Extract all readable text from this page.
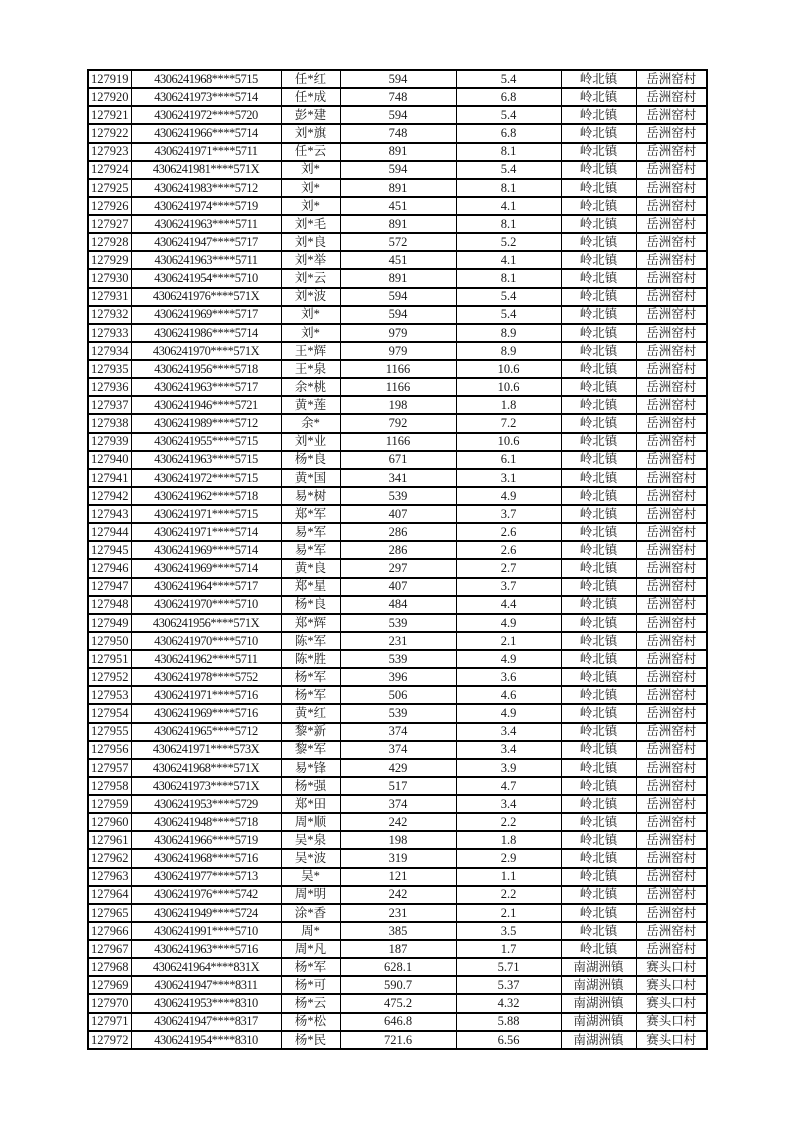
127919	4306241968****5715	任*红	594	5.4	岭北镇	岳洲窑村
127920	4306241973****5714	任*成	748	6.8	岭北镇	岳洲窑村
127921	4306241972****5720	彭*建	594	5.4	岭北镇	岳洲窑村
127922	4306241966****5714	刘*旗	748	6.8	岭北镇	岳洲窑村
127923	4306241971****5711	任*云	891	8.1	岭北镇	岳洲窑村
127924	4306241981****571X	刘*	594	5.4	岭北镇	岳洲窑村
127925	4306241983****5712	刘*	891	8.1	岭北镇	岳洲窑村
127926	4306241974****5719	刘*	451	4.1	岭北镇	岳洲窑村
127927	4306241963****5711	刘*毛	891	8.1	岭北镇	岳洲窑村
127928	4306241947****5717	刘*良	572	5.2	岭北镇	岳洲窑村
127929	4306241963****5711	刘*举	451	4.1	岭北镇	岳洲窑村
127930	4306241954****5710	刘*云	891	8.1	岭北镇	岳洲窑村
127931	4306241976****571X	刘*波	594	5.4	岭北镇	岳洲窑村
127932	4306241969****5717	刘*	594	5.4	岭北镇	岳洲窑村
127933	4306241986****5714	刘*	979	8.9	岭北镇	岳洲窑村
127934	4306241970****571X	王*辉	979	8.9	岭北镇	岳洲窑村
127935	4306241956****5718	王*泉	1166	10.6	岭北镇	岳洲窑村
127936	4306241963****5717	余*桃	1166	10.6	岭北镇	岳洲窑村
127937	4306241946****5721	黄*莲	198	1.8	岭北镇	岳洲窑村
127938	4306241989****5712	余*	792	7.2	岭北镇	岳洲窑村
127939	4306241955****5715	刘*业	1166	10.6	岭北镇	岳洲窑村
127940	4306241963****5715	杨*良	671	6.1	岭北镇	岳洲窑村
127941	4306241972****5715	黄*国	341	3.1	岭北镇	岳洲窑村
127942	4306241962****5718	易*树	539	4.9	岭北镇	岳洲窑村
127943	4306241971****5715	郑*军	407	3.7	岭北镇	岳洲窑村
127944	4306241971****5714	易*军	286	2.6	岭北镇	岳洲窑村
127945	4306241969****5714	易*军	286	2.6	岭北镇	岳洲窑村
127946	4306241969****5714	黄*良	297	2.7	岭北镇	岳洲窑村
127947	4306241964****5717	郑*星	407	3.7	岭北镇	岳洲窑村
127948	4306241970****5710	杨*良	484	4.4	岭北镇	岳洲窑村
127949	4306241956****571X	郑*辉	539	4.9	岭北镇	岳洲窑村
127950	4306241970****5710	陈*军	231	2.1	岭北镇	岳洲窑村
127951	4306241962****5711	陈*胜	539	4.9	岭北镇	岳洲窑村
127952	4306241978****5752	杨*军	396	3.6	岭北镇	岳洲窑村
127953	4306241971****5716	杨*军	506	4.6	岭北镇	岳洲窑村
127954	4306241969****5716	黄*红	539	4.9	岭北镇	岳洲窑村
127955	4306241965****5712	黎*新	374	3.4	岭北镇	岳洲窑村
127956	4306241971****573X	黎*军	374	3.4	岭北镇	岳洲窑村
127957	4306241968****571X	易*锋	429	3.9	岭北镇	岳洲窑村
127958	4306241973****571X	杨*强	517	4.7	岭北镇	岳洲窑村
127959	4306241953****5729	郑*田	374	3.4	岭北镇	岳洲窑村
127960	4306241948****5718	周*顺	242	2.2	岭北镇	岳洲窑村
127961	4306241966****5719	吴*泉	198	1.8	岭北镇	岳洲窑村
127962	4306241968****5716	吴*波	319	2.9	岭北镇	岳洲窑村
127963	4306241977****5713	吴*	121	1.1	岭北镇	岳洲窑村
127964	4306241976****5742	周*明	242	2.2	岭北镇	岳洲窑村
127965	4306241949****5724	涂*香	231	2.1	岭北镇	岳洲窑村
127966	4306241991****5710	周*	385	3.5	岭北镇	岳洲窑村
127967	4306241963****5716	周*凡	187	1.7	岭北镇	岳洲窑村
127968	4306241964****831X	杨*军	628.1	5.71	南湖洲镇	赛头口村
127969	4306241947****8311	杨*可	590.7	5.37	南湖洲镇	赛头口村
127970	4306241953****8310	杨*云	475.2	4.32	南湖洲镇	赛头口村
127971	4306241947****8317	杨*松	646.8	5.88	南湖洲镇	赛头口村
127972	4306241954****8310	杨*民	721.6	6.56	南湖洲镇	赛头口村
